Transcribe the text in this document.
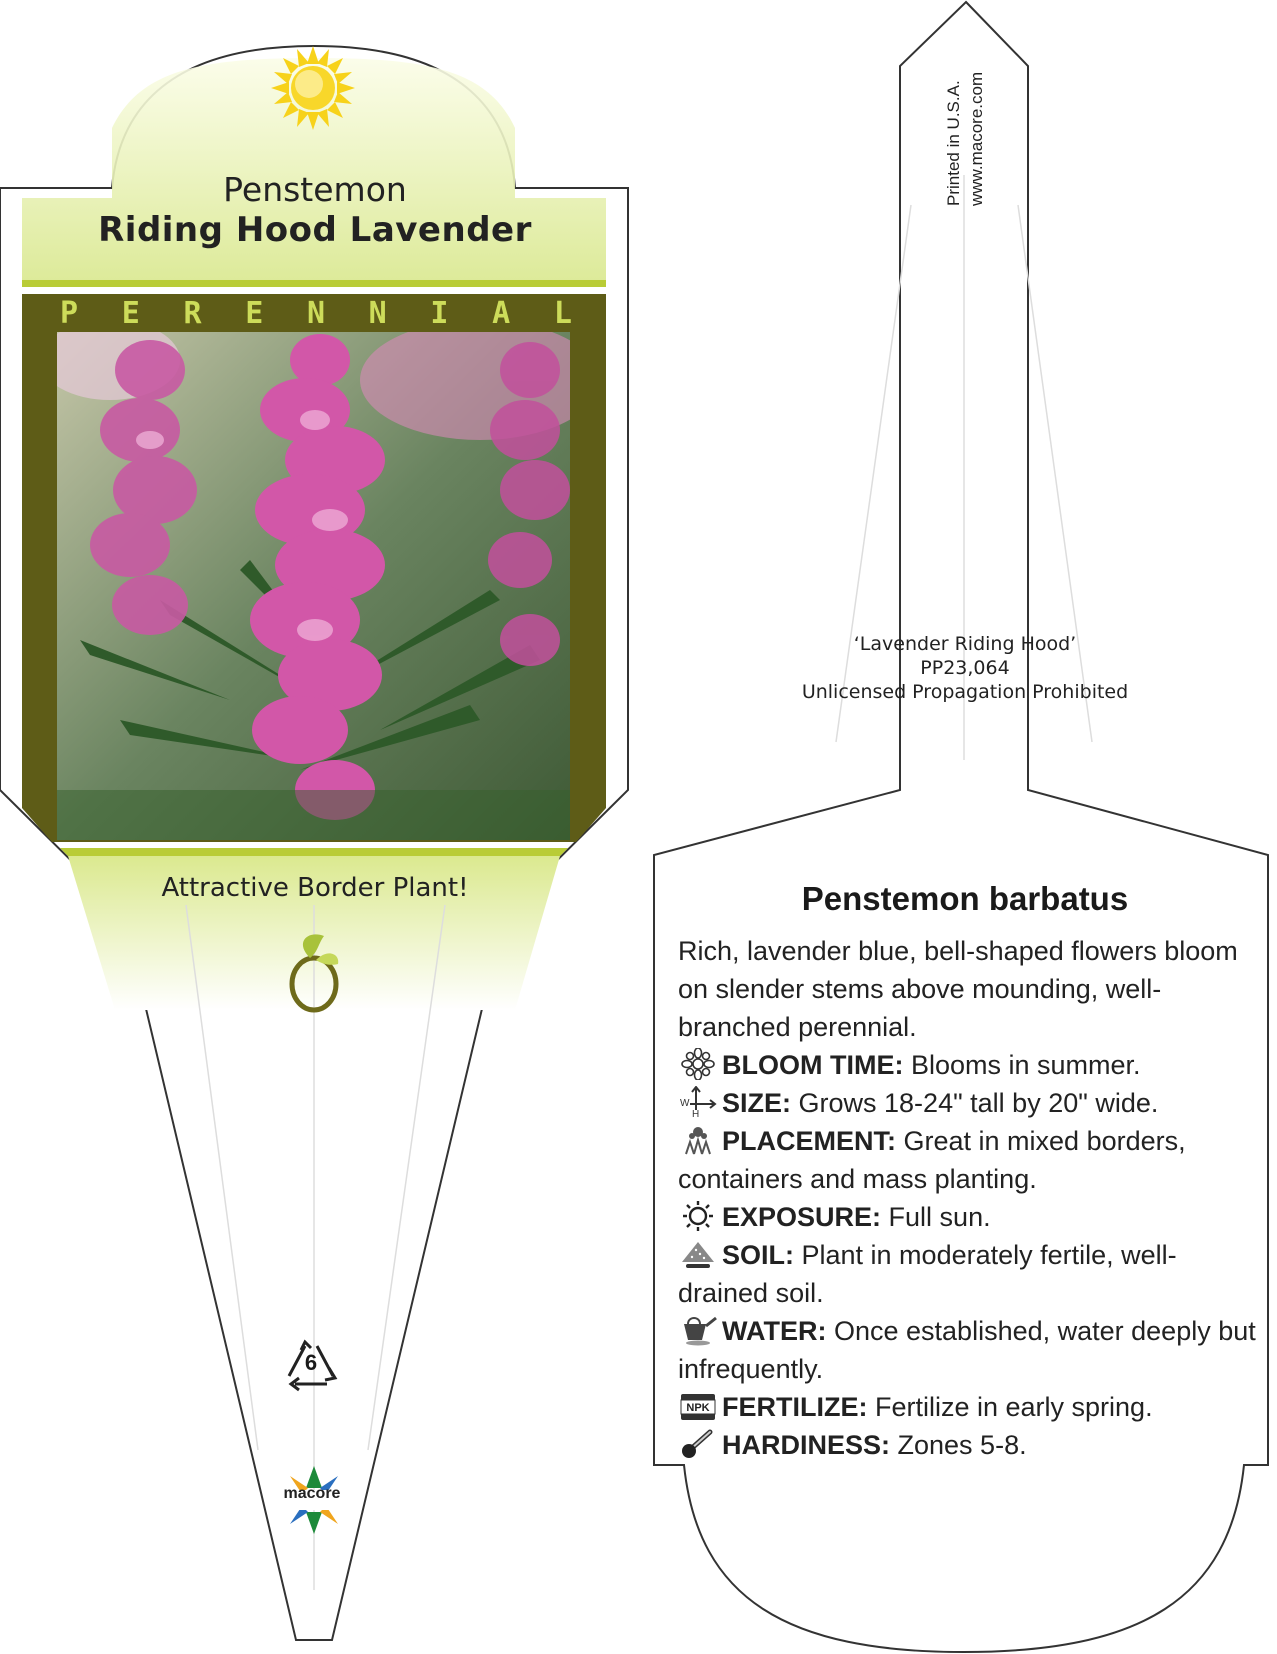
Penstemon
Riding Hood Lavender
P E R E N N I A L
Attractive Border Plant!
6
macore
Printed in U.S.A. www.macore.com
‘Lavender Riding Hood’
PP23,064
Unlicensed Propagation Prohibited
Penstemon barbatus

Rich, lavender blue, bell-shaped flowers bloom on slender stems above mounding, well-branched perennial.

BLOOM TIME: Blooms in summer.
W
H SIZE: Grows 18-24" tall by 20" wide.
PLACEMENT: Great in mixed borders, containers and mass planting.
EXPOSURE: Full sun.
SOIL: Plant in moderately fertile, well-drained soil.
WATER: Once established, water deeply but infrequently.
NPK FERTILIZE: Fertilize in early spring.
HARDINESS: Zones 5-8.
